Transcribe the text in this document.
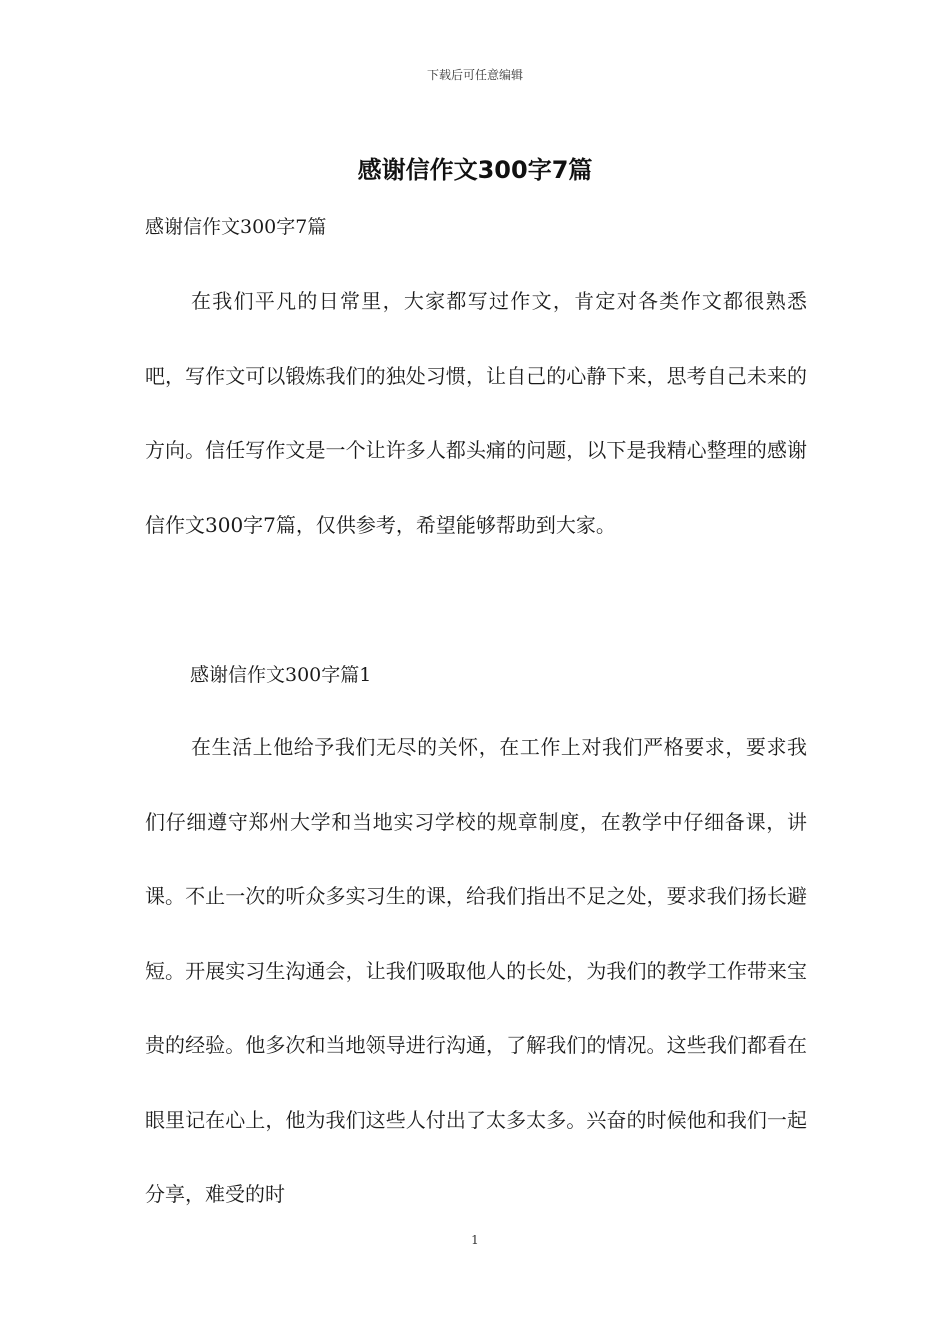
下载后可任意编辑
感谢信作文300字7篇
感谢信作文300字7篇

在我们平凡的日常里，大家都写过作文，肯定对各类作文都很熟悉吧，写作文可以锻炼我们的独处习惯，让自己的心静下来，思考自己未来的方向。信任写作文是一个让许多人都头痛的问题，以下是我精心整理的感谢信作文300字7篇，仅供参考，希望能够帮助到大家。

感谢信作文300字篇1

在生活上他给予我们无尽的关怀，在工作上对我们严格要求，要求我们仔细遵守郑州大学和当地实习学校的规章制度，在教学中仔细备课，讲课。不止一次的听众多实习生的课，给我们指出不足之处，要求我们扬长避短。开展实习生沟通会，让我们吸取他人的长处，为我们的教学工作带来宝贵的经验。他多次和当地领导进行沟通，了解我们的情况。这些我们都看在眼里记在心上，他为我们这些人付出了太多太多。兴奋的时候他和我们一起分享，难受的时

1
